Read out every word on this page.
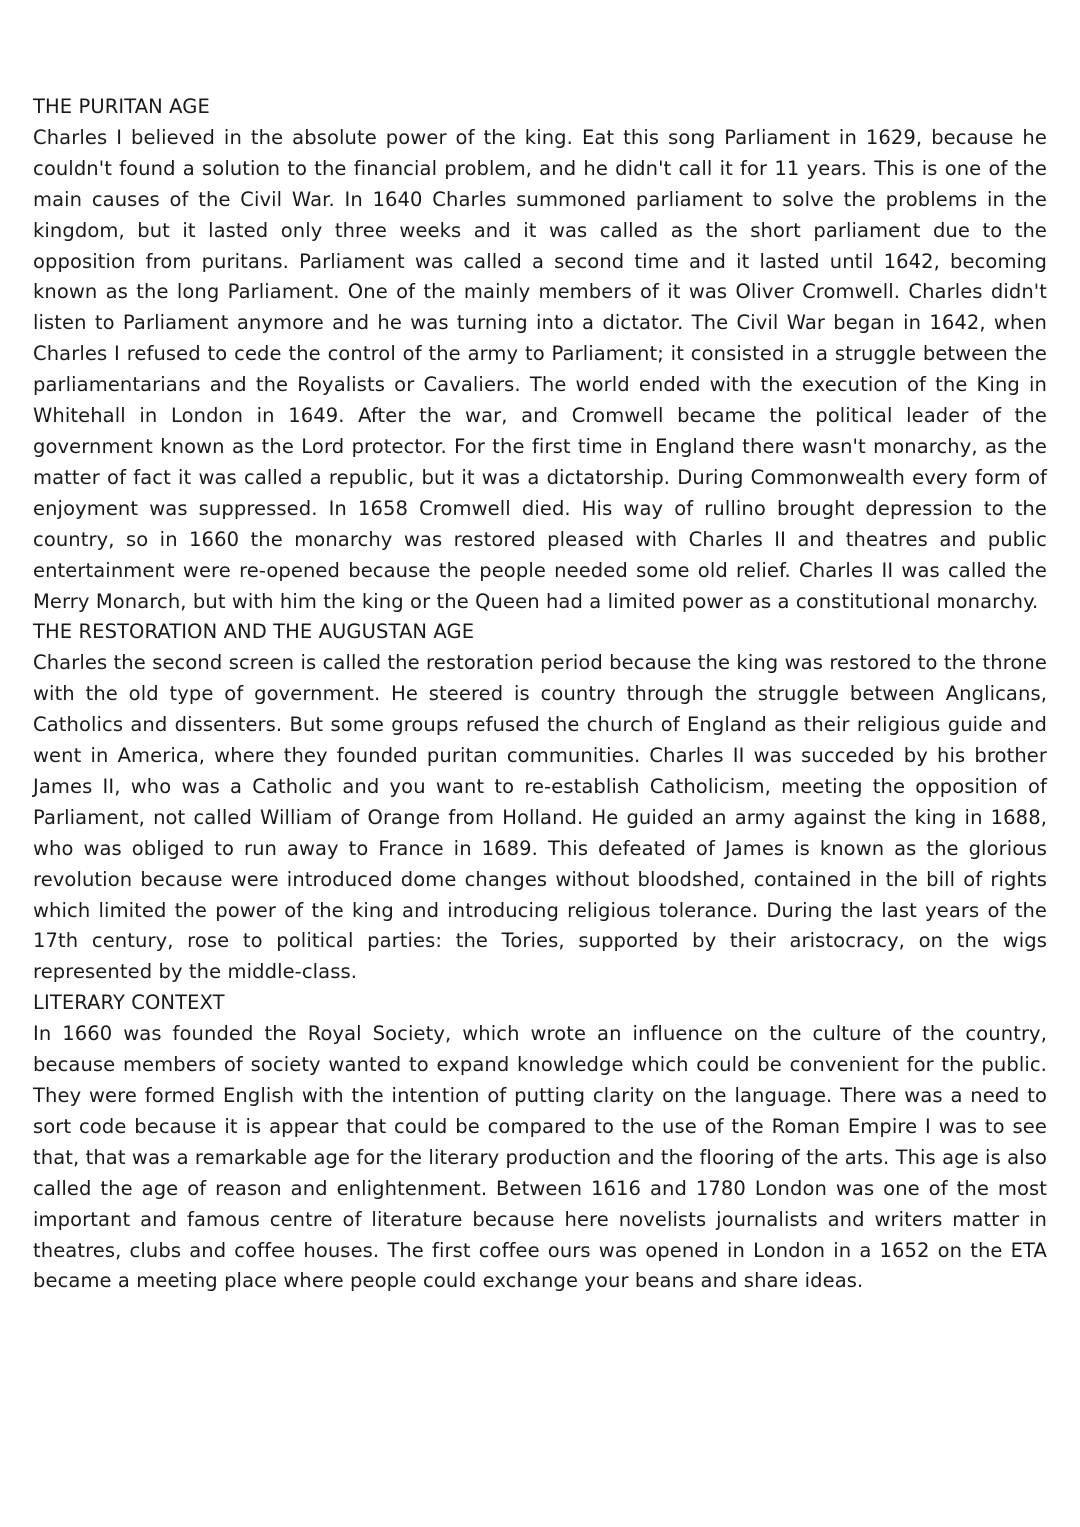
THE PURITAN AGE

Charles I believed in the absolute power of the king. Eat this song Parliament in 1629, because he couldn't found a solution to the financial problem, and he didn't call it for 11 years. This is one of the main causes of the Civil War. In 1640 Charles summoned parliament to solve the problems in the kingdom, but it lasted only three weeks and it was called as the short parliament due to the opposition from puritans. Parliament was called a second time and it lasted until 1642, becoming known as the long Parliament. One of the mainly members of it was Oliver Cromwell. Charles didn't listen to Parliament anymore and he was turning into a dictator. The Civil War began in 1642, when Charles I refused to cede the control of the army to Parliament; it consisted in a struggle between the parliamentarians and the Royalists or Cavaliers. The world ended with the execution of the King in Whitehall in London in 1649. After the war, and Cromwell became the political leader of the government known as the Lord protector. For the first time in England there wasn't monarchy, as the matter of fact it was called a republic, but it was a dictatorship. During Commonwealth every form of enjoyment was suppressed. In 1658 Cromwell died. His way of rullino brought depression to the country, so in 1660 the monarchy was restored pleased with Charles II and theatres and public entertainment were re-opened because the people needed some old relief. Charles II was called the Merry Monarch, but with him the king or the Queen had a limited power as a constitutional monarchy.

THE RESTORATION AND THE AUGUSTAN AGE

Charles the second screen is called the restoration period because the king was restored to the throne with the old type of government. He steered is country through the struggle between Anglicans, Catholics and dissenters. But some groups refused the church of England as their religious guide and went in America, where they founded puritan communities. Charles II was succeded by his brother James II, who was a Catholic and you want to re-establish Catholicism, meeting the opposition of Parliament, not called William of Orange from Holland. He guided an army against the king in 1688, who was obliged to run away to France in 1689. This defeated of James is known as the glorious revolution because were introduced dome changes without bloodshed, contained in the bill of rights which limited the power of the king and introducing religious tolerance. During the last years of the 17th century, rose to political parties: the Tories, supported by their aristocracy, on the wigs represented by the middle-class.

LITERARY CONTEXT

In 1660 was founded the Royal Society, which wrote an influence on the culture of the country, because members of society wanted to expand knowledge which could be convenient for the public. They were formed English with the intention of putting clarity on the language. There was a need to sort code because it is appear that could be compared to the use of the Roman Empire I was to see that, that was a remarkable age for the literary production and the flooring of the arts. This age is also called the age of reason and enlightenment. Between 1616 and 1780 London was one of the most important and famous centre of literature because here novelists journalists and writers matter in theatres, clubs and coffee houses. The first coffee ours was opened in London in a 1652 on the ETA became a meeting place where people could exchange your beans and share ideas.
